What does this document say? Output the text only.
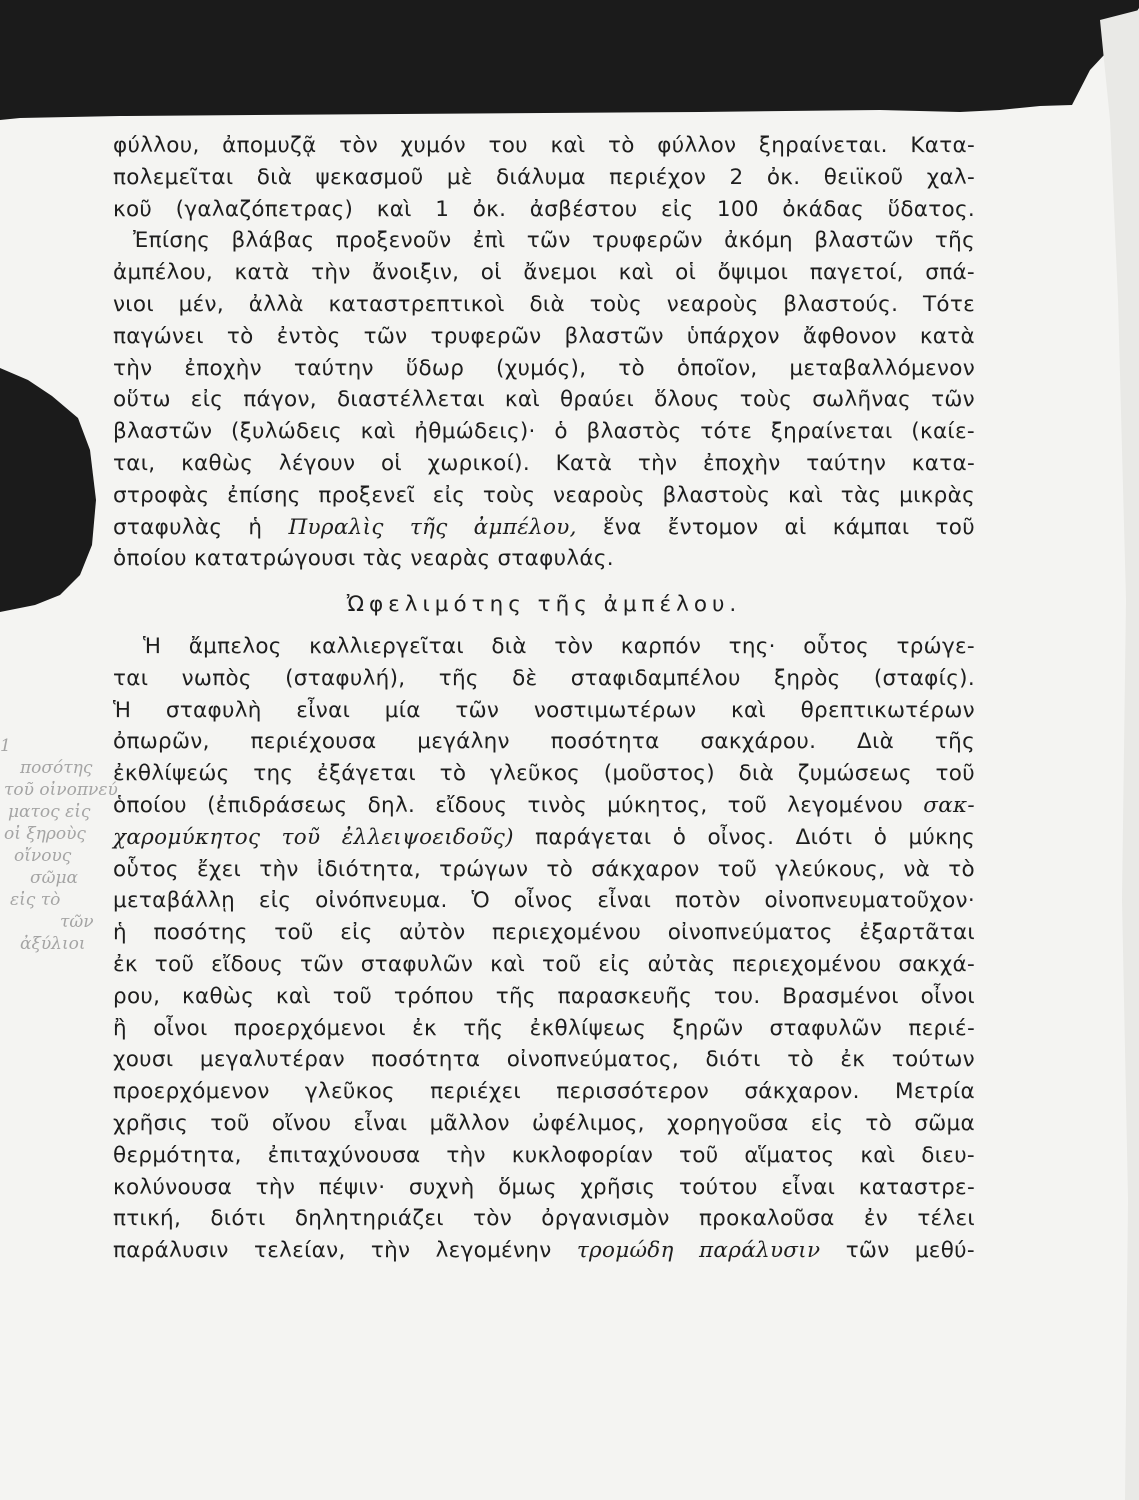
1
ποσότης
τοῦ οἰνοπνεύ
ματος εἰς
οἰ ξηροὺς
οἴνους
σῶμα
εἰς τὸ
τῶν
ἀξύλιοι
φύλλου, ἀπομυζᾷ τὸν χυμόν του καὶ τὸ φύλλον ξηραίνεται. Κατα-
πολεμεῖται διὰ ψεκασμοῦ μὲ διάλυμα περιέχον 2 ὀκ. θειϊκοῦ χαλ-
κοῦ (γαλαζόπετρας) καὶ 1 ὀκ. ἀσβέστου εἰς 100 ὀκάδας ὕδατος.
Ἐπίσης βλάβας προξενοῦν ἐπὶ τῶν τρυφερῶν ἀκόμη βλαστῶν τῆς
ἀμπέλου, κατὰ τὴν ἄνοιξιν, οἱ ἄνεμοι καὶ οἱ ὄψιμοι παγετοί, σπά-
νιοι μέν, ἀλλὰ καταστρεπτικοὶ διὰ τοὺς νεαροὺς βλαστούς. Τότε
παγώνει τὸ ἐντὸς τῶν τρυφερῶν βλαστῶν ὑπάρχον ἄφθονον κατὰ
τὴν ἐποχὴν ταύτην ὕδωρ (χυμός), τὸ ὁποῖον, μεταβαλλόμενον
οὕτω εἰς πάγον, διαστέλλεται καὶ θραύει ὅλους τοὺς σωλῆνας τῶν
βλαστῶν (ξυλώδεις καὶ ἠθμώδεις)· ὁ βλαστὸς τότε ξηραίνεται (καίε-
ται, καθὼς λέγουν οἱ χωρικοί). Κατὰ τὴν ἐποχὴν ταύτην κατα-
στροφὰς ἐπίσης προξενεῖ εἰς τοὺς νεαροὺς βλαστοὺς καὶ τὰς μικρὰς
σταφυλὰς ἡ Πυραλὶς τῆς ἀμπέλου, ἕνα ἔντομον αἱ κάμπαι τοῦ
ὁποίου κατατρώγουσι τὰς νεαρὰς σταφυλάς.
Ὠφελιμότης τῆς ἀμπέλου.
Ἡ ἄμπελος καλλιεργεῖται διὰ τὸν καρπόν της· οὗτος τρώγε-
ται νωπὸς (σταφυλή), τῆς δὲ σταφιδαμπέλου ξηρὸς (σταφίς).
Ἡ σταφυλὴ εἶναι μία τῶν νοστιμωτέρων καὶ θρεπτικωτέρων
ὀπωρῶν, περιέχουσα μεγάλην ποσότητα σακχάρου. Διὰ τῆς
ἐκθλίψεώς της ἐξάγεται τὸ γλεῦκος (μοῦστος) διὰ ζυμώσεως τοῦ
ὁποίου (ἐπιδράσεως δηλ. εἴδους τινὸς μύκητος, τοῦ λεγομένου σακ-
χαρομύκητος τοῦ ἐλλειψοειδοῦς) παράγεται ὁ οἶνος. Διότι ὁ μύκης
οὗτος ἔχει τὴν ἰδιότητα, τρώγων τὸ σάκχαρον τοῦ γλεύκους, νὰ τὸ
μεταβάλλῃ εἰς οἰνόπνευμα. Ὁ οἶνος εἶναι ποτὸν οἰνοπνευματοῦχον·
ἡ ποσότης τοῦ εἰς αὐτὸν περιεχομένου οἰνοπνεύματος ἐξαρτᾶται
ἐκ τοῦ εἴδους τῶν σταφυλῶν καὶ τοῦ εἰς αὐτὰς περιεχομένου σακχά-
ρου, καθὼς καὶ τοῦ τρόπου τῆς παρασκευῆς του. Βρασμένοι οἶνοι
ἢ οἶνοι προερχόμενοι ἐκ τῆς ἐκθλίψεως ξηρῶν σταφυλῶν περιέ-
χουσι μεγαλυτέραν ποσότητα οἰνοπνεύματος, διότι τὸ ἐκ τούτων
προερχόμενον γλεῦκος περιέχει περισσότερον σάκχαρον. Μετρία
χρῆσις τοῦ οἴνου εἶναι μᾶλλον ὠφέλιμος, χορηγοῦσα εἰς τὸ σῶμα
θερμότητα, ἐπιταχύνουσα τὴν κυκλοφορίαν τοῦ αἵματος καὶ διευ-
κολύνουσα τὴν πέψιν· συχνὴ ὅμως χρῆσις τούτου εἶναι καταστρε-
πτική, διότι δηλητηριάζει τὸν ὀργανισμὸν προκαλοῦσα ἐν τέλει
παράλυσιν τελείαν, τὴν λεγομένην τρομώδη παράλυσιν τῶν μεθύ-
